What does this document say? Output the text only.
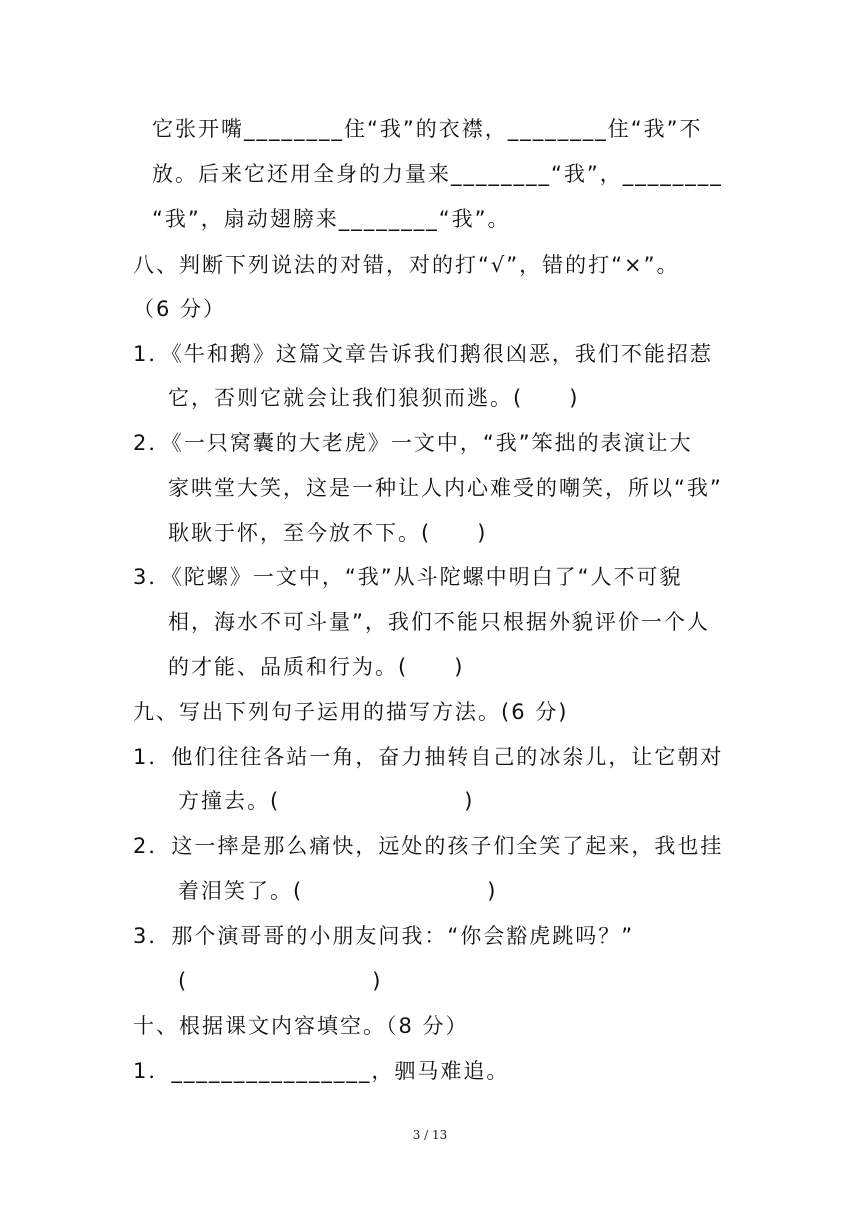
它张开嘴________住“我”的衣襟，________住“我”不
放。后来它还用全身的力量来________“我”，________
“我”，扇动翅膀来________“我”。
八、判断下列说法的对错，对的打“√”，错的打“×”。
（6 分）
1．《牛和鹅》这篇文章告诉我们鹅很凶恶，我们不能招惹
它，否则它就会让我们狼狈而逃。(　　)
2．《一只窝囊的大老虎》一文中，“我”笨拙的表演让大
家哄堂大笑，这是一种让人内心难受的嘲笑，所以“我”
耿耿于怀，至今放不下。(　　)
3．《陀螺》一文中，“我”从斗陀螺中明白了“人不可貌
相，海水不可斗量”，我们不能只根据外貌评价一个人
的才能、品质和行为。(　　)
九、写出下列句子运用的描写方法。(6 分)
1．他们往往各站一角，奋力抽转自己的冰尜儿，让它朝对
方撞去。(　　　　　　　　)
2．这一摔是那么痛快，远处的孩子们全笑了起来，我也挂
着泪笑了。(　　　　　　　　)
3．那个演哥哥的小朋友问我：“你会豁虎跳吗？”
(　　　　　　　　)
十、根据课文内容填空。（8 分）
1．________________，驷马难追。
3 / 13
